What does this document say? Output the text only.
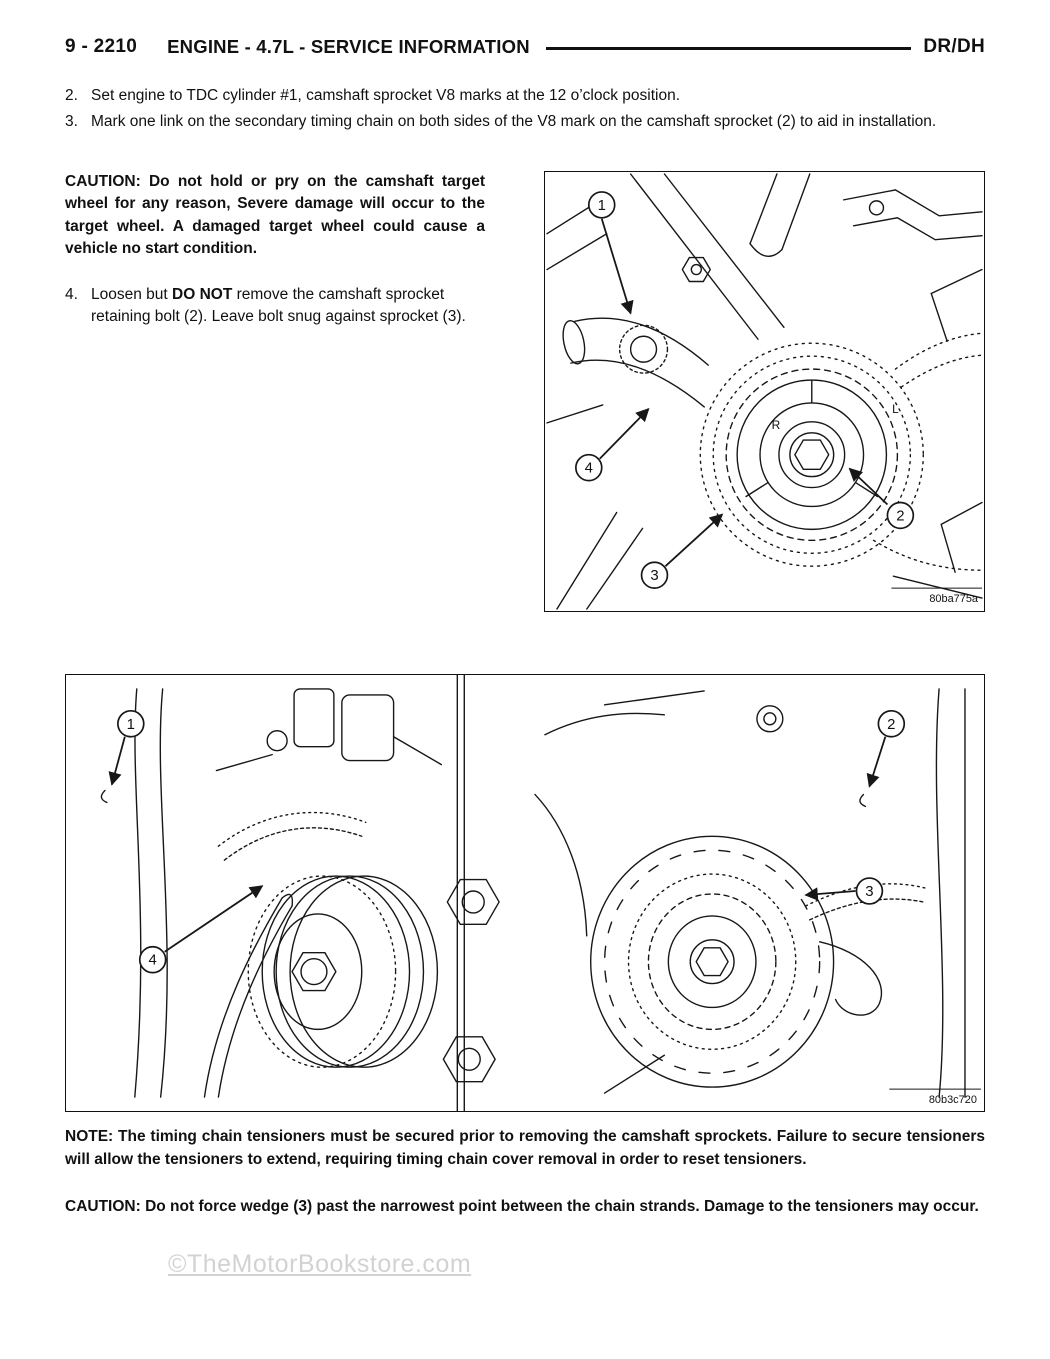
9 - 2210 ENGINE - 4.7L - SERVICE INFORMATION	DR/DH
2. Set engine to TDC cylinder #1, camshaft sprocket V8 marks at the 12 o’clock position.
3. Mark one link on the secondary timing chain on both sides of the V8 mark on the camshaft sprocket (2) to aid in installation.

CAUTION: Do not hold or pry on the camshaft target wheel for any reason, Severe damage will occur to the target wheel. A damaged target wheel could cause a vehicle no start condition.

4. Loosen but DO NOT remove the camshaft sprocket retaining bolt (2). Leave bolt snug against sprocket (3).
R
L
1
4
3
2
80ba775a
1
4
2
3
80b3c720

NOTE: The timing chain tensioners must be secured prior to removing the camshaft sprockets. Failure to secure tensioners will allow the tensioners to extend, requiring timing chain cover removal in order to reset tensioners.

CAUTION: Do not force wedge (3) past the narrowest point between the chain strands. Damage to the tensioners may occur.

©TheMotorBookstore.com
